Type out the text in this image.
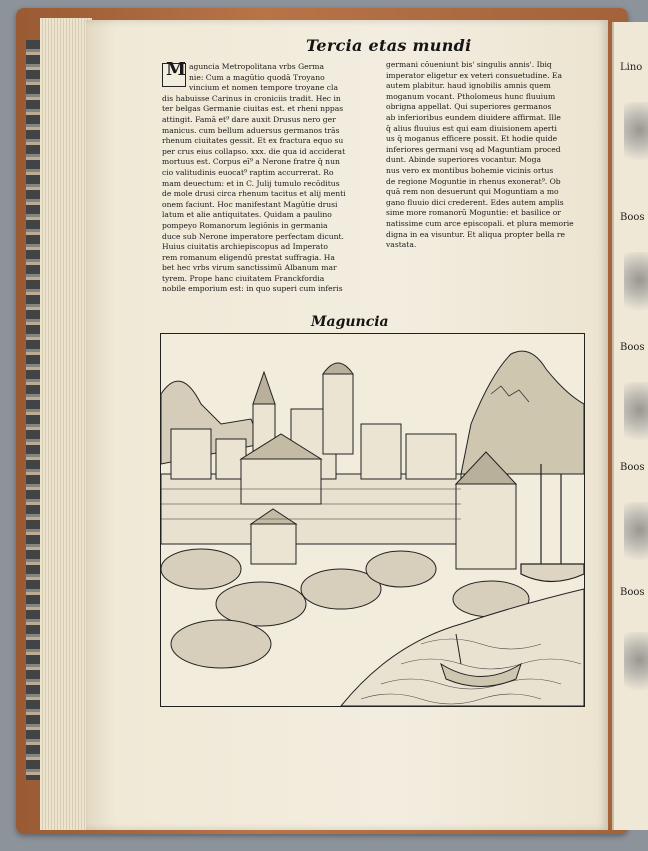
Lino
Boos
Boos
Boos
Boos
Tercia etas mundi
M aguncia Metropolitana vrbs Germa

nie: Cum a magūtio quodā Troyano

vincium et nomen tempore troyane cla

dis habuisse Carinus in croniciis tradit. Hec in

ter belgas Germanie ciuitas est. et rheni nppas

attingit. Famā et⁹ dare auxit Drusus nero ger

manicus. cum bellum aduersus germanos trās

rhenum ciuitates gessit. Et ex fractura equo su

per crus eius collapso. xxx. die qua id acciderat

mortuus est. Corpus eī⁹ a Nerone fratre q̄ nun

cio valitudinis euocat⁹ raptim accurrerat. Ro

mam deuectum: et in C. Julij tumulo recōditus

de mole drusi circa rhenum tacitus et alij menti

onem faciunt. Hoc manifestant Magūtie drusi

latum et alie antiquitates. Quidam a paulino

pompeyo Romanorum legiōnis in germania

duce sub Nerone imperatore perfectam dicunt.

Huius ciuitatis archiepiscopus ad Imperato

rem romanum eligendū prestat suffragia. Ha

bet hec vrbs virum sanctissimū Albanum mar

tyrem. Prope hanc ciuitatem Franckfordia

nobile emporium est: in quo superi cum inferis

germani cōueniunt bis' singulis annis'. Ibiq

imperator eligetur ex veteri consuetudine. Ea

autem plabitur. haud ignobilis amnis quem

moganum vocant. Ptholomeus hunc fluuium

obrigna appellat. Qui superiores germanos

ab inferioribus eundem diuidere affirmat. Ille

q̄ alius fluuius est qui eam diuisionem aperti

us q̄ moganus efficere possit. Et hodie quide

inferiores germani vsq ad Maguntiam proced

dunt. Abinde superiores vocantur. Moga

nus vero ex montibus bohemie vicinis ortus

de regione Moguntie in rhenus exonerat⁹. Ob

quā rem non desuerunt qui Moguntiam a mo

gano fluuio dici crederent. Edes autem amplis

sime more romanorū Moguntie: et basilice or

natissime cum arce episcopali. et plura memorie

digna in ea visuntur. Et aliqua propter bella re

vastata.

Maguncia
